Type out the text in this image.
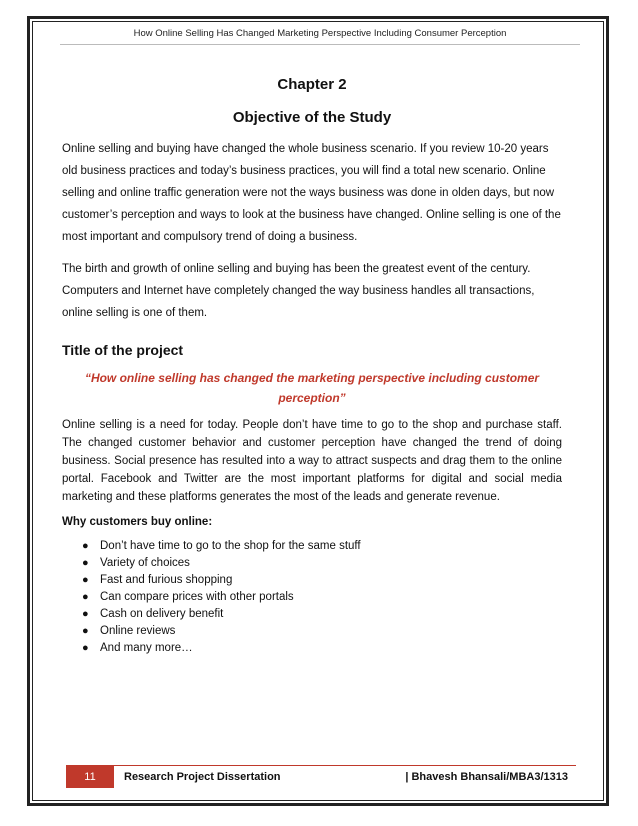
How Online Selling Has Changed Marketing Perspective Including Consumer Perception
Chapter 2
Objective of the Study

Online selling and buying have changed the whole business scenario. If you review 10-20 years old business practices and today’s business practices, you will find a total new scenario. Online selling and online traffic generation were not the ways business was done in olden days, but now customer’s perception and ways to look at the business have changed. Online selling is one of the most important and compulsory trend of doing a business.

The birth and growth of online selling and buying has been the greatest event of the century. Computers and Internet have completely changed the way business handles all transactions, online selling is one of them.

Title of the project
“How online selling has changed the marketing perspective including customer perception”

Online selling is a need for today. People don’t have time to go to the shop and purchase staff. The changed customer behavior and customer perception have changed the trend of doing business. Social presence has resulted into a way to attract suspects and drag them to the online portal. Facebook and Twitter are the most important platforms for digital and social media marketing and these platforms generates the most of the leads and generate revenue.

Why customers buy online:
● Don’t have time to go to the shop for the same stuff
● Variety of choices
● Fast and furious shopping
● Can compare prices with other portals
● Cash on delivery benefit
● Online reviews
● And many more…
11	Research Project Dissertation	| Bhavesh Bhansali/MBA3/1313
